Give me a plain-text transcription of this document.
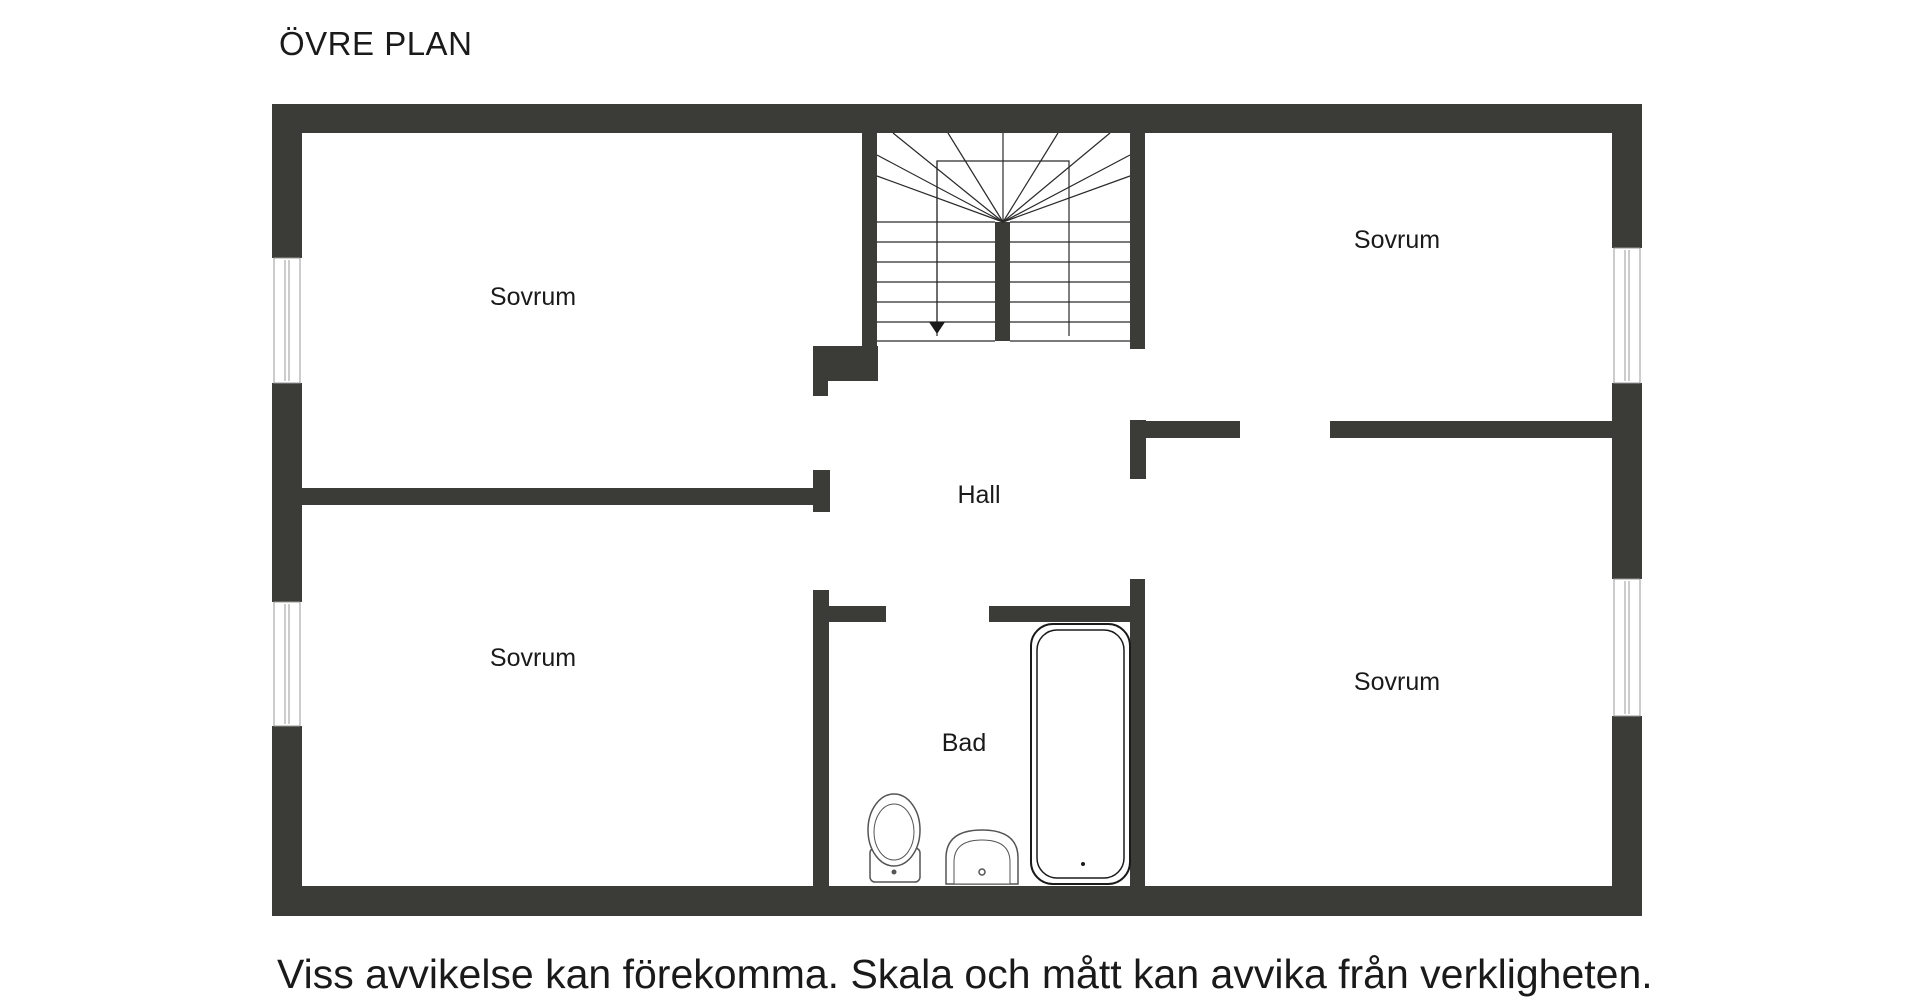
ÖVRE PLAN
Sovrum
Sovrum
Sovrum
Sovrum
Hall
Bad
Viss avvikelse kan förekomma. Skala och mått kan avvika från verkligheten.
